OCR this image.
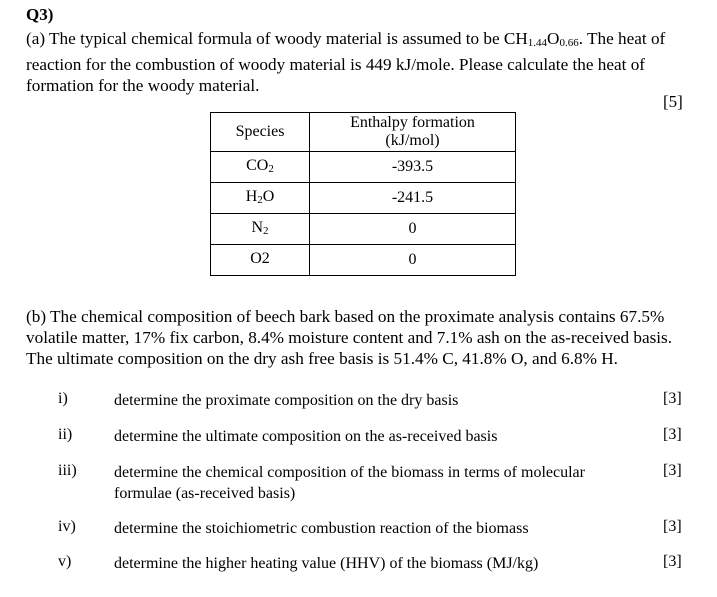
Q3)
(a) The typical chemical formula of woody material is assumed to be $CH_{1.44}O_{0.66}$. The heat of
reaction for the combustion of woody material is 449 kJ/mole. Please calculate the heat of
formation for the woody material.
[5]
Species	Enthalpy formation
(kJ/mol)
$CO_2$	-393.5
$H_2O$	-241.5
$N_2$	0
O2	0
(b) The chemical composition of beech bark based on the proximate analysis contains 67.5%
volatile matter, 17% fix carbon, 8.4% moisture content and 7.1% ash on the as-received basis.
The ultimate composition on the dry ash free basis is 51.4% C, 41.8% O, and 6.8% H.
i)	determine the proximate composition on the dry basis	[3]
ii)	determine the ultimate composition on the as-received basis	[3]
iii) determine the chemical composition of the biomass in terms of molecular
formulae (as-received basis)
[3]
iv) determine the stoichiometric combustion reaction of the biomass	[3]
v)	determine the higher heating value (HHV) of the biomass (MJ/kg)	[3]
